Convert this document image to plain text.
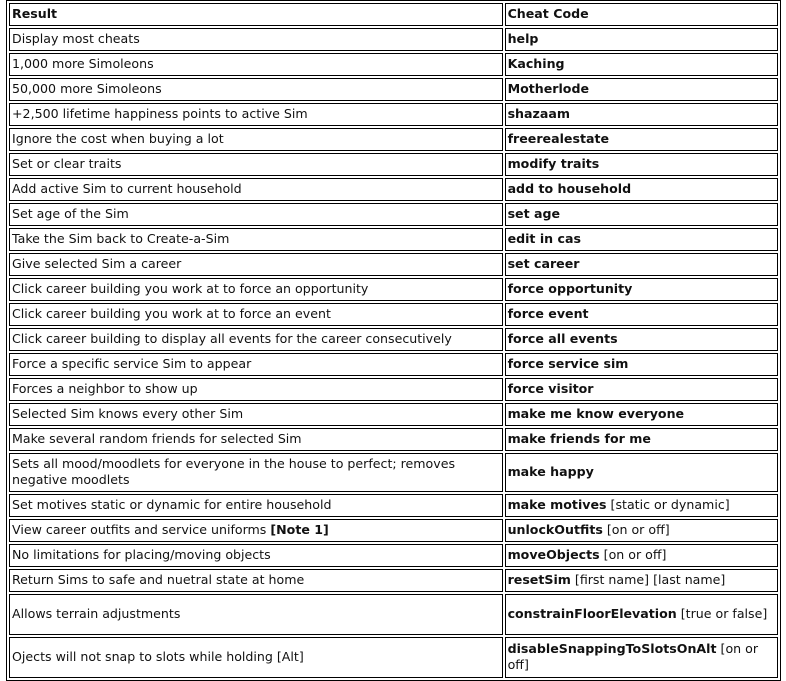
Result	Cheat Code
Display most cheats	help
1,000 more Simoleons	Kaching
50,000 more Simoleons	Motherlode
+2,500 lifetime happiness points to active Sim	shazaam
Ignore the cost when buying a lot	freerealestate
Set or clear traits	modify traits
Add active Sim to current household	add to household
Set age of the Sim	set age
Take the Sim back to Create-a-Sim	edit in cas
Give selected Sim a career	set career
Click career building you work at to force an opportunity	force opportunity
Click career building you work at to force an event	force event
Click career building to display all events for the career consecutively	force all events
Force a specific service Sim to appear	force service sim
Forces a neighbor to show up	force visitor
Selected Sim knows every other Sim	make me know everyone
Make several random friends for selected Sim	make friends for me
Sets all mood/moodlets for everyone in the house to perfect; removes negative moodlets	make happy
Set motives static or dynamic for entire household	make motives [static or dynamic]
View career outfits and service uniforms [Note 1]	unlockOutfits [on or off]
No limitations for placing/moving objects	moveObjects [on or off]
Return Sims to safe and nuetral state at home	resetSim [first name] [last name]
Allows terrain adjustments	constrainFloorElevation [true or false]
Ojects will not snap to slots while holding [Alt]	disableSnappingToSlotsOnAlt [on or off]
